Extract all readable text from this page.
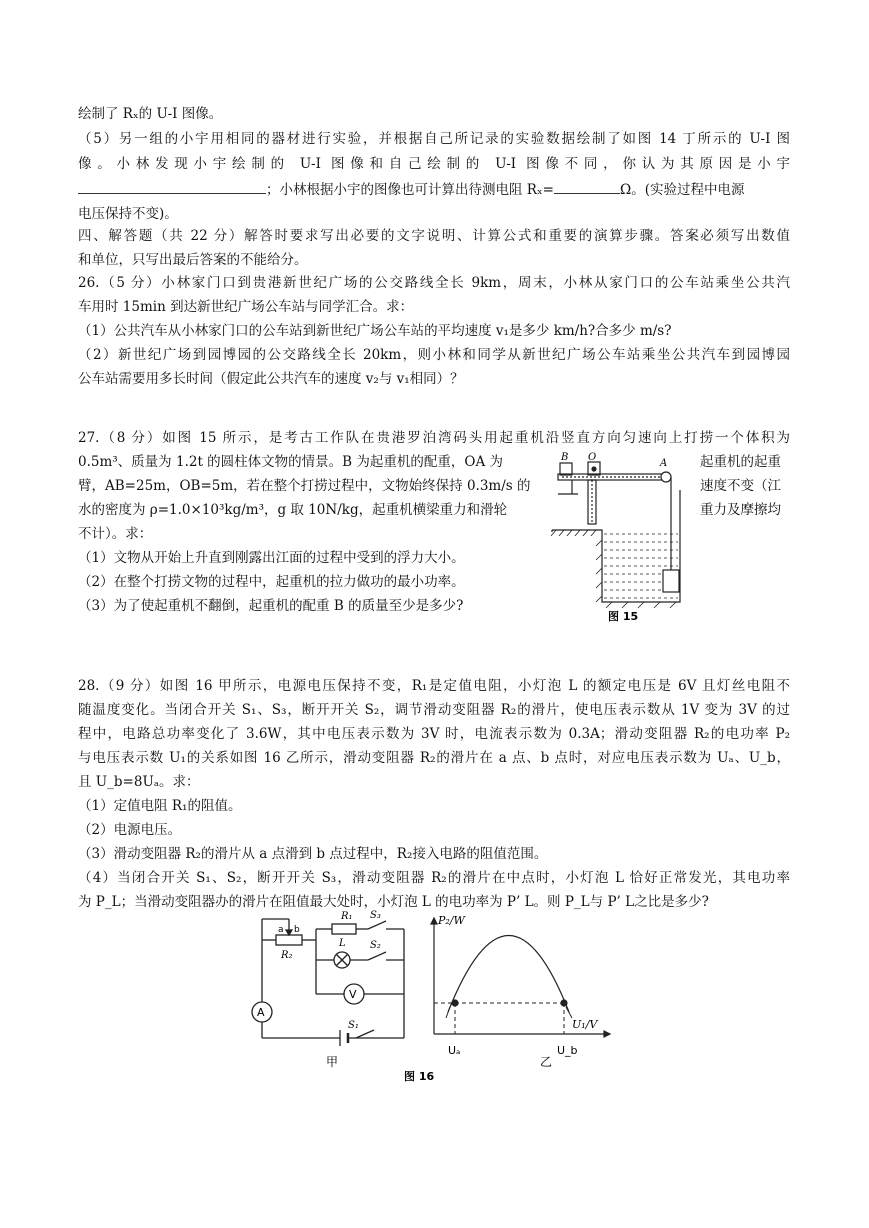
绘制了 Rₓ的 U-I 图像。
（5）另一组的小宇用相同的器材进行实验，并根据自己所记录的实验数据绘制了如图 14 丁所示的 U-I 图
像。小林发现小宇绘制的 U-I 图像和自己绘制的 U-I 图像不同，你认为其原因是小宇
；小林根据小宇的图像也可计算出待测电阻 Rₓ=	Ω。(实验过程中电源
电压保持不变)。
四、解答题（共 22 分）解答时要求写出必要的文字说明、计算公式和重要的演算步骤。答案必须写出数值
和单位，只写出最后答案的不能给分。
26.（5 分）小林家门口到贵港新世纪广场的公交路线全长 9km，周末，小林从家门口的公车站乘坐公共汽
车用时 15min 到达新世纪广场公车站与同学汇合。求：
（1）公共汽车从小林家门口的公车站到新世纪广场公车站的平均速度 v₁是多少 km/h?合多少 m/s?
（2）新世纪广场到园博园的公交路线全长 20km，则小林和同学从新世纪广场公车站乘坐公共汽车到园博园
公车站需要用多长时间（假定此公共汽车的速度 v₂与 v₁相同）？
27.（8 分）如图 15 所示，是考古工作队在贵港罗泊湾码头用起重机沿竖直方向匀速向上打捞一个体积为
0.5m³、质量为 1.2t 的圆柱体文物的情景。B 为起重机的配重，OA 为	起重机的起重
臂，AB=25m，OB=5m，若在整个打捞过程中，文物始终保持 0.3m/s 的	速度不变（江
水的密度为 ρ=1.0×10³kg/m³，g 取 10N/kg，起重机横梁重力和滑轮	重力及摩擦均
不计）。求：
（1）文物从开始上升直到刚露出江面的过程中受到的浮力大小。
（2）在整个打捞文物的过程中，起重机的拉力做功的最小功率。
（3）为了使起重机不翻倒，起重机的配重 B 的质量至少是多少?
B O
A
图 15
28.（9 分）如图 16 甲所示，电源电压保持不变，R₁是定值电阻，小灯泡 L 的额定电压是 6V 且灯丝电阻不
随温度变化。当闭合开关 S₁、S₃，断开开关 S₂，调节滑动变阻器 R₂的滑片，使电压表示数从 1V 变为 3V 的过
程中，电路总功率变化了 3.6W，其中电压表示数为 3V 时，电流表示数为 0.3A；滑动变阻器 R₂的电功率 P₂
与电压表示数 U₁的关系如图 16 乙所示，滑动变阻器 R₂的滑片在 a 点、b 点时，对应电压表示数为 Uₐ、U_b，
且 U_b=8Uₐ。求：
（1）定值电阻 R₁的阻值。
（2）电源电压。
（3）滑动变阻器 R₂的滑片从 a 点滑到 b 点过程中，R₂接入电路的阻值范围。
（4）当闭合开关 S₁、S₂，断开开关 S₃，滑动变阻器 R₂的滑片在中点时，小灯泡 L 恰好正常发光，其电功率
为 P_L；当滑动变阻器办的滑片在阻值最大处时，小灯泡 L 的电功率为 P’ L。则 P_L与 P’ L之比是多少?
R₁ S₃
L S₂
V
A
S₁
R₂
a b
甲
P₂/W
U₁/V
Uₐ	U_b
乙
图 16
